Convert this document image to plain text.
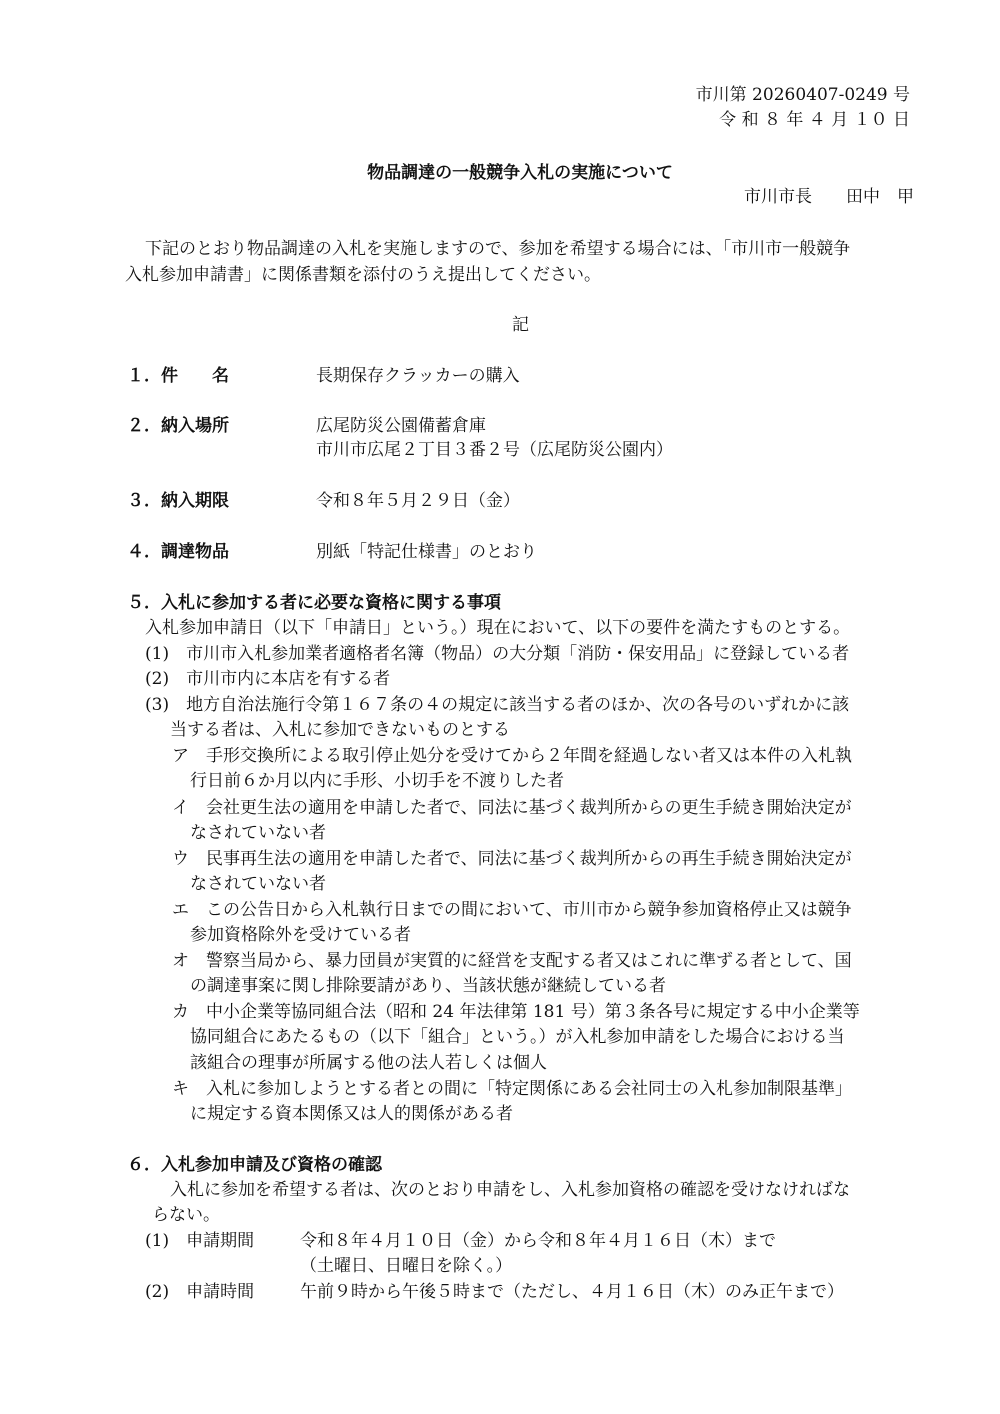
市川第 20260407-0249 号
令 和 ８ 年 ４ 月 １０ 日
物品調達の一般競争入札の実施について
市川市長　　田中　甲
下記のとおり物品調達の入札を実施しますので、参加を希望する場合には、「市川市一般競争
入札参加申請書」に関係書類を添付のうえ提出してください。
記
１．件　　名	長期保存クラッカーの購入
２．納入場所	広尾防災公園備蓄倉庫
市川市広尾２丁目３番２号（広尾防災公園内）
３．納入期限	令和８年５月２９日（金）
４．調達物品	別紙「特記仕様書」のとおり
５．入札に参加する者に必要な資格に関する事項
入札参加申請日（以下「申請日」という。）現在において、以下の要件を満たすものとする。
(1)　市川市入札参加業者適格者名簿（物品）の大分類「消防・保安用品」に登録している者
(2)　市川市内に本店を有する者
(3)　地方自治法施行令第１６７条の４の規定に該当する者のほか、次の各号のいずれかに該
当する者は、入札に参加できないものとする
ア　手形交換所による取引停止処分を受けてから２年間を経過しない者又は本件の入札執
行日前６か月以内に手形、小切手を不渡りした者
イ　会社更生法の適用を申請した者で、同法に基づく裁判所からの更生手続き開始決定が
なされていない者
ウ　民事再生法の適用を申請した者で、同法に基づく裁判所からの再生手続き開始決定が
なされていない者
エ　この公告日から入札執行日までの間において、市川市から競争参加資格停止又は競争
参加資格除外を受けている者
オ　警察当局から、暴力団員が実質的に経営を支配する者又はこれに準ずる者として、国
の調達事案に関し排除要請があり、当該状態が継続している者
カ　中小企業等協同組合法（昭和 24 年法律第 181 号）第３条各号に規定する中小企業等
協同組合にあたるもの（以下「組合」という。）が入札参加申請をした場合における当
該組合の理事が所属する他の法人若しくは個人
キ　入札に参加しようとする者との間に「特定関係にある会社同士の入札参加制限基準」
に規定する資本関係又は人的関係がある者
６．入札参加申請及び資格の確認
入札に参加を希望する者は、次のとおり申請をし、入札参加資格の確認を受けなければな
らない。
(1)　申請期間	令和８年４月１０日（金）から令和８年４月１６日（木）まで
（土曜日、日曜日を除く。）
(2)　申請時間	午前９時から午後５時まで（ただし、４月１６日（木）のみ正午まで）
